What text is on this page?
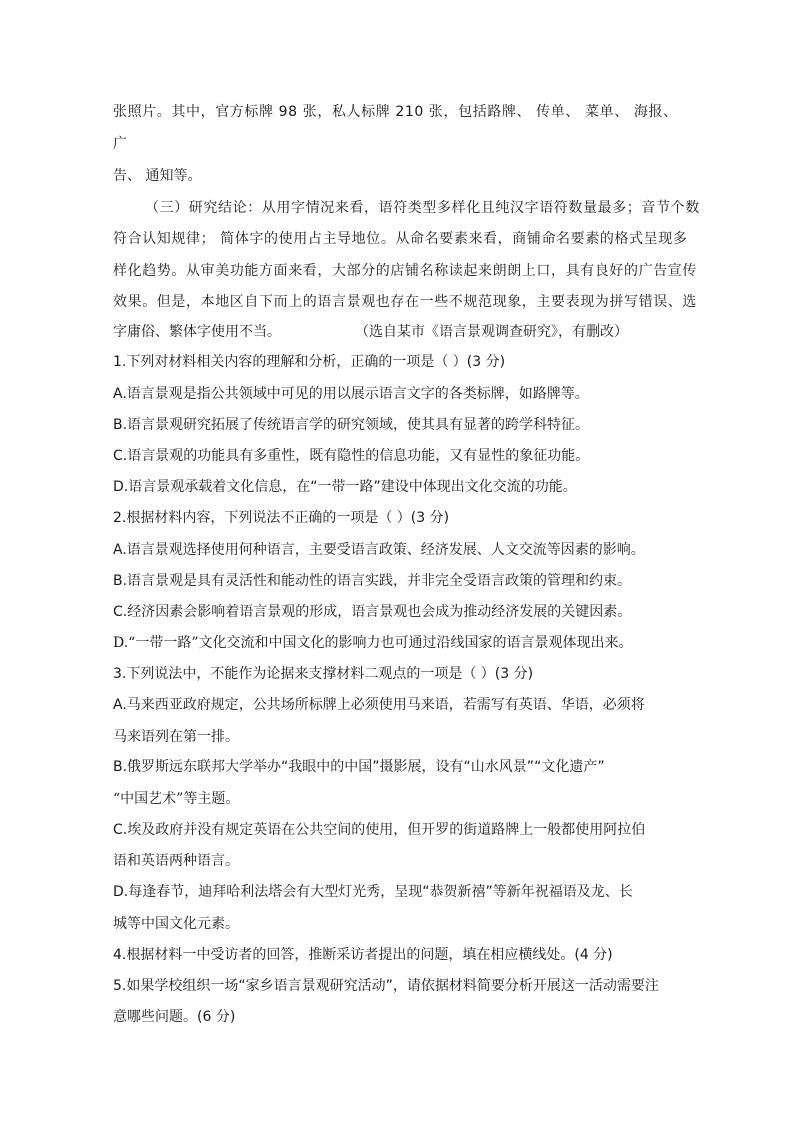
张照片。其中，官方标牌 98 张，私人标牌 210 张，包括路牌、 传单、 菜单、 海报、
广
告、 通知等。
（三）研究结论：从用字情况来看，语符类型多样化且纯汉字语符数量最多；音节个数
符合认知规律； 简体字的使用占主导地位。从命名要素来看，商铺命名要素的格式呈现多
样化趋势。从审美功能方面来看，大部分的店铺名称读起来朗朗上口，具有良好的广告宣传
效果。但是，本地区自下而上的语言景观也存在一些不规范现象，主要表现为拼写错误、选
字庸俗、繁体字使用不当。	（选自某市《语言景观调查研究》，有删改）
1.下列对材料相关内容的理解和分析，正确的一项是（ ）(3 分)
A.语言景观是指公共领域中可见的用以展示语言文字的各类标牌，如路牌等。
B.语言景观研究拓展了传统语言学的研究领域，使其具有显著的跨学科特征。
C.语言景观的功能具有多重性，既有隐性的信息功能，又有显性的象征功能。
D.语言景观承载着文化信息，在“一带一路”建设中体现出文化交流的功能。
2.根据材料内容，下列说法不正确的一项是（ ）(3 分)
A.语言景观选择使用何种语言，主要受语言政策、经济发展、人文交流等因素的影响。
B.语言景观是具有灵活性和能动性的语言实践，并非完全受语言政策的管理和约束。
C.经济因素会影响着语言景观的形成，语言景观也会成为推动经济发展的关键因素。
D.“一带一路”文化交流和中国文化的影响力也可通过沿线国家的语言景观体现出来。
3.下列说法中，不能作为论据来支撑材料二观点的一项是（ ）(3 分)
A.马来西亚政府规定，公共场所标牌上必须使用马来语，若需写有英语、华语，必须将
马来语列在第一排。
B.俄罗斯远东联邦大学举办“我眼中的中国”摄影展，设有“山水风景”“文化遗产”
“中国艺术”等主题。
C.埃及政府并没有规定英语在公共空间的使用，但开罗的街道路牌上一般都使用阿拉伯
语和英语两种语言。
D.每逢春节，迪拜哈利法塔会有大型灯光秀，呈现“恭贺新禧”等新年祝福语及龙、长
城等中国文化元素。
4.根据材料一中受访者的回答，推断采访者提出的问题，填在相应横线处。(4 分)
5.如果学校组织一场“家乡语言景观研究活动”，请依据材料简要分析开展这一活动需要注
意哪些问题。(6 分)
